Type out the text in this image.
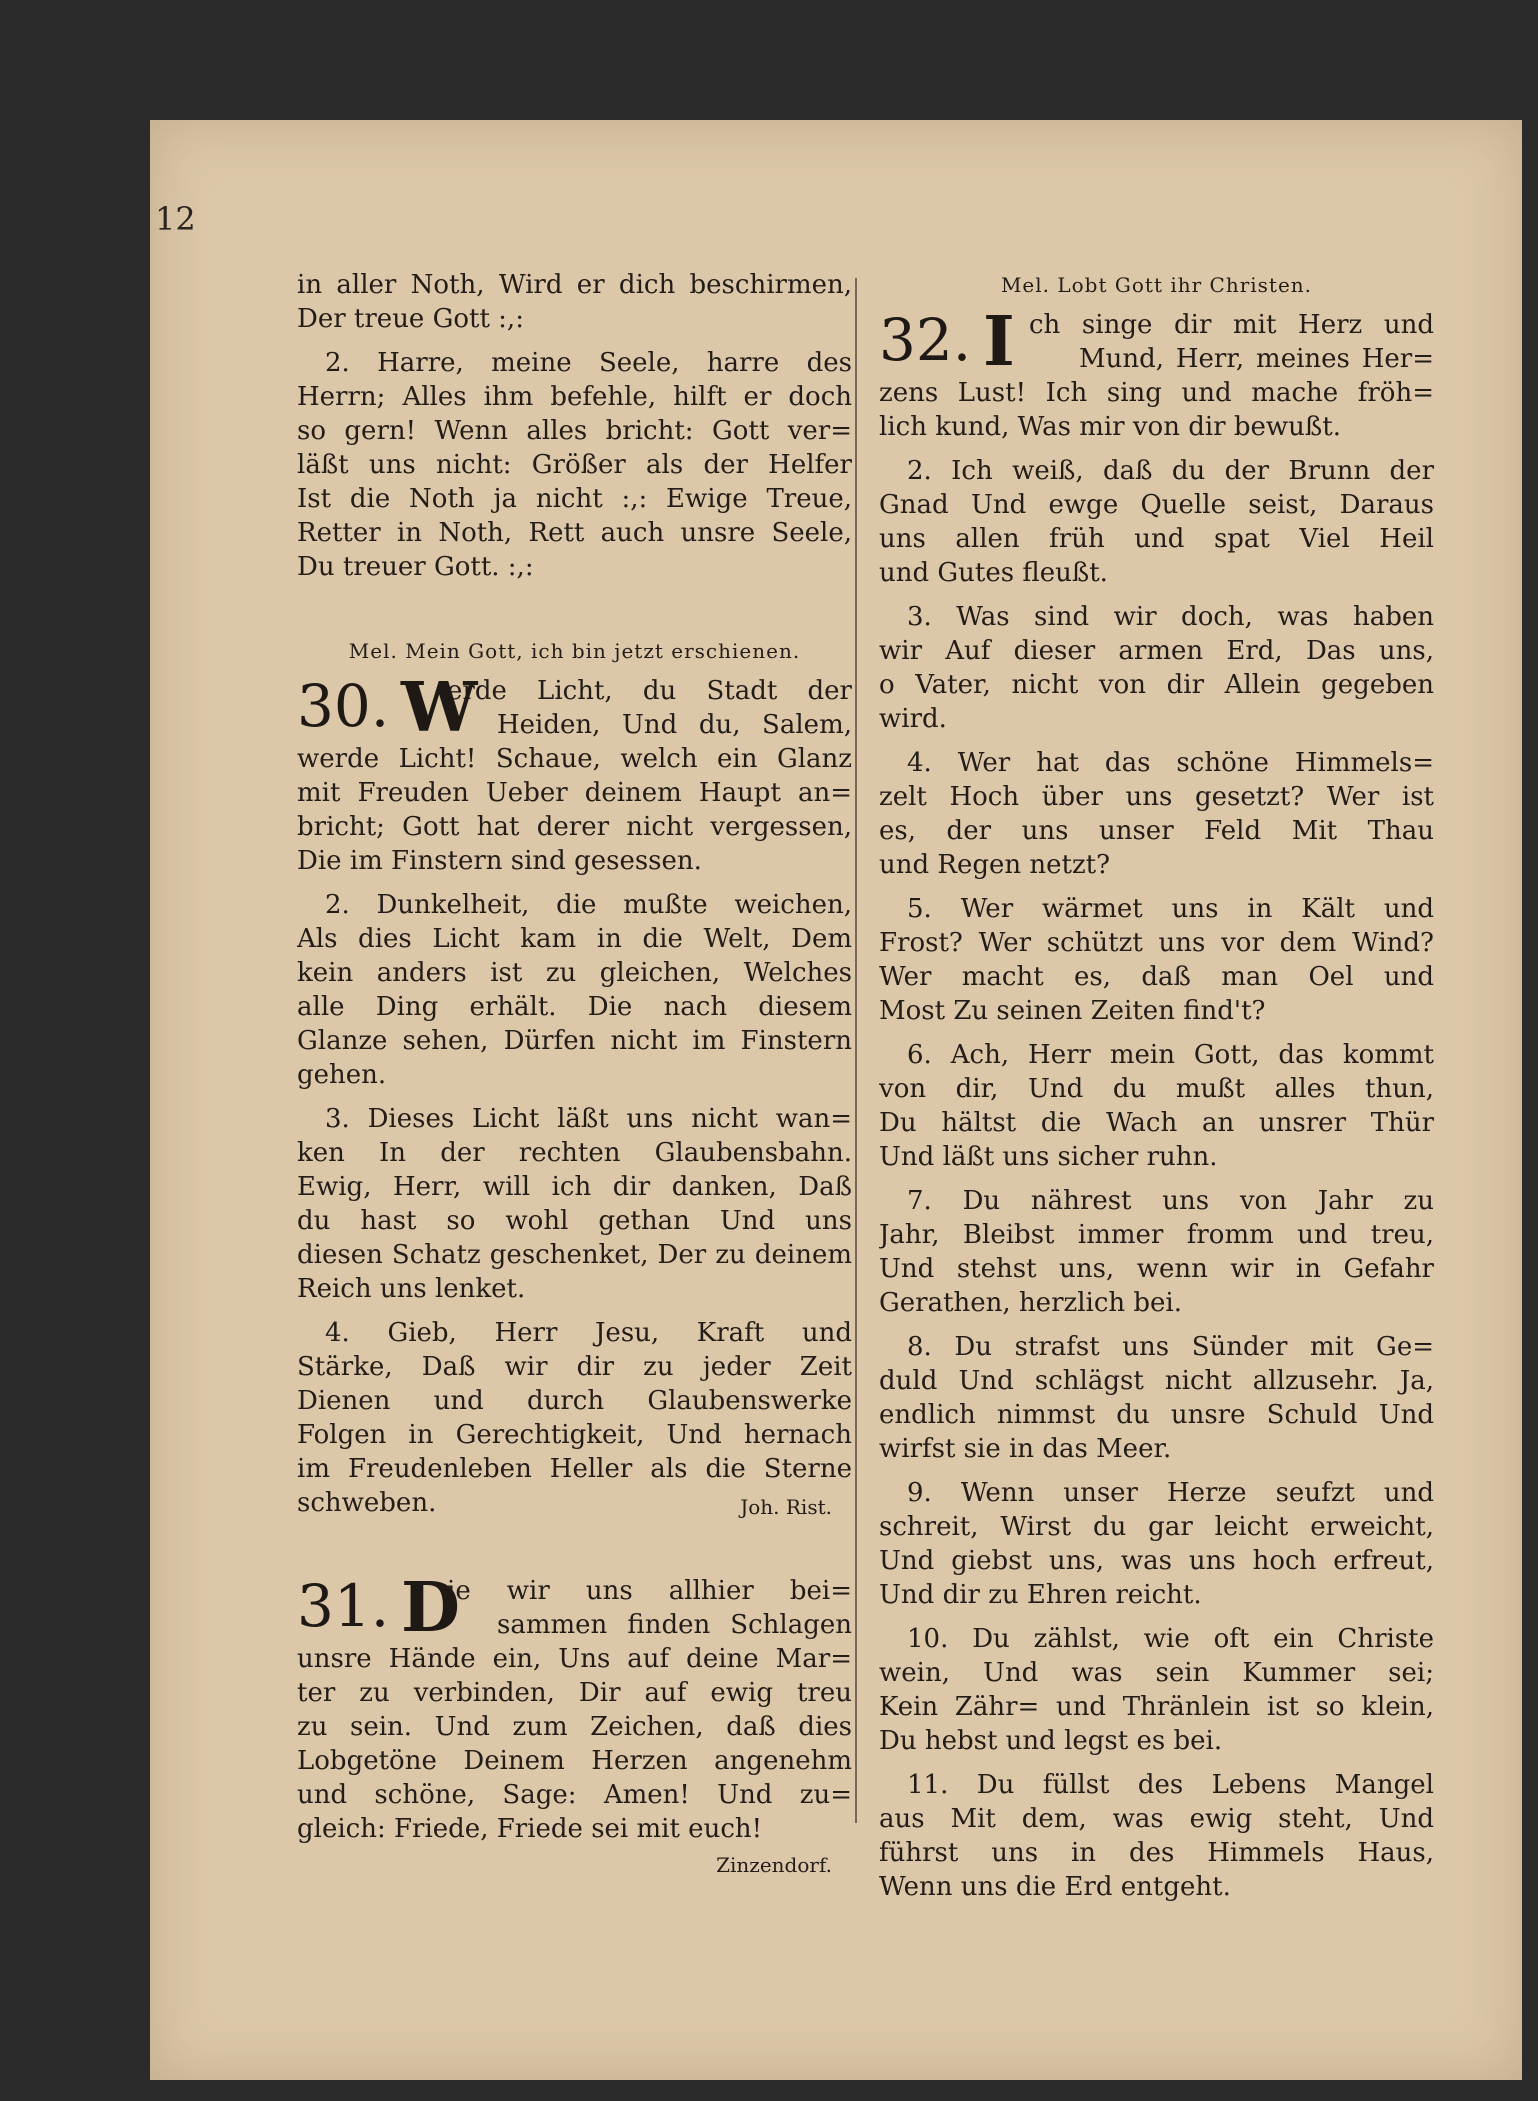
12
in aller Noth, Wird er dich beschirmen,
Der treue Gott :,:
2. Harre, meine Seele, harre des
Herrn; Alles ihm befehle, hilft er doch
so gern! Wenn alles bricht: Gott ver=
läßt uns nicht: Größer als der Helfer
Ist die Noth ja nicht :,: Ewige Treue,
Retter in Noth, Rett auch unsre Seele,
Du treuer Gott. :,:
Mel. Mein Gott, ich bin jetzt erschienen.
30. W
erde Licht, du Stadt der
Heiden, Und du, Salem,
werde Licht! Schaue, welch ein Glanz
mit Freuden Ueber deinem Haupt an=
bricht; Gott hat derer nicht vergessen,
Die im Finstern sind gesessen.
2. Dunkelheit, die mußte weichen,
Als dies Licht kam in die Welt, Dem
kein anders ist zu gleichen, Welches
alle Ding erhält. Die nach diesem
Glanze sehen, Dürfen nicht im Finstern
gehen.
3. Dieses Licht läßt uns nicht wan=
ken In der rechten Glaubensbahn.
Ewig, Herr, will ich dir danken, Daß
du hast so wohl gethan Und uns
diesen Schatz geschenket, Der zu deinem
Reich uns lenket.
4. Gieb, Herr Jesu, Kraft und
Stärke, Daß wir dir zu jeder Zeit
Dienen und durch Glaubenswerke
Folgen in Gerechtigkeit, Und hernach
im Freudenleben Heller als die Sterne
schweben.	Joh. Rist.
31. D
ie wir uns allhier bei=
sammen finden Schlagen
unsre Hände ein, Uns auf deine Mar=
ter zu verbinden, Dir auf ewig treu
zu sein. Und zum Zeichen, daß dies
Lobgetöne Deinem Herzen angenehm
und schöne, Sage: Amen! Und zu=
gleich: Friede, Friede sei mit euch!
Zinzendorf.
Mel. Lobt Gott ihr Christen.
32. I ch singe dir mit Herz und
Mund, Herr, meines Her=
zens Lust! Ich sing und mache fröh=
lich kund, Was mir von dir bewußt.
2. Ich weiß, daß du der Brunn der
Gnad Und ewge Quelle seist, Daraus
uns allen früh und spat Viel Heil
und Gutes fleußt.
3. Was sind wir doch, was haben
wir Auf dieser armen Erd, Das uns,
o Vater, nicht von dir Allein gegeben
wird.
4. Wer hat das schöne Himmels=
zelt Hoch über uns gesetzt? Wer ist
es, der uns unser Feld Mit Thau
und Regen netzt?
5. Wer wärmet uns in Kält und
Frost? Wer schützt uns vor dem Wind?
Wer macht es, daß man Oel und
Most Zu seinen Zeiten find't?
6. Ach, Herr mein Gott, das kommt
von dir, Und du mußt alles thun,
Du hältst die Wach an unsrer Thür
Und läßt uns sicher ruhn.
7. Du nährest uns von Jahr zu
Jahr, Bleibst immer fromm und treu,
Und stehst uns, wenn wir in Gefahr
Gerathen, herzlich bei.
8. Du strafst uns Sünder mit Ge=
duld Und schlägst nicht allzusehr. Ja,
endlich nimmst du unsre Schuld Und
wirfst sie in das Meer.
9. Wenn unser Herze seufzt und
schreit, Wirst du gar leicht erweicht,
Und giebst uns, was uns hoch erfreut,
Und dir zu Ehren reicht.
10. Du zählst, wie oft ein Christe
wein, Und was sein Kummer sei;
Kein Zähr= und Thränlein ist so klein,
Du hebst und legst es bei.
11. Du füllst des Lebens Mangel
aus Mit dem, was ewig steht, Und
führst uns in des Himmels Haus,
Wenn uns die Erd entgeht.
